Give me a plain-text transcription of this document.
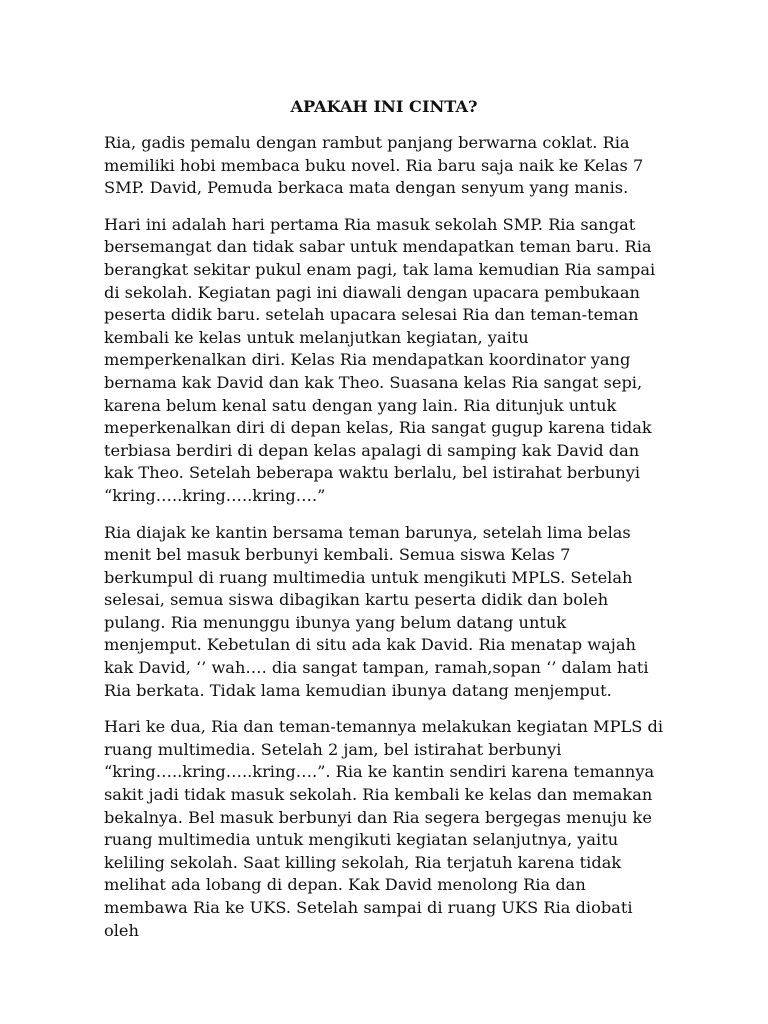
APAKAH INI CINTA?

Ria, gadis pemalu dengan rambut panjang berwarna coklat. Ria memiliki hobi membaca buku novel. Ria baru saja naik ke Kelas 7 SMP. David, Pemuda berkaca mata dengan senyum yang manis.

Hari ini adalah hari pertama Ria masuk sekolah SMP. Ria sangat bersemangat dan tidak sabar untuk mendapatkan teman baru. Ria berangkat sekitar pukul enam pagi, tak lama kemudian Ria sampai di sekolah. Kegiatan pagi ini diawali dengan upacara pembukaan peserta didik baru. setelah upacara selesai Ria dan teman-teman kembali ke kelas untuk melanjutkan kegiatan, yaitu memperkenalkan diri. Kelas Ria mendapatkan koordinator yang bernama kak David dan kak Theo. Suasana kelas Ria sangat sepi, karena belum kenal satu dengan yang lain. Ria ditunjuk untuk meperkenalkan diri di depan kelas, Ria sangat gugup karena tidak terbiasa berdiri di depan kelas apalagi di samping kak David dan kak Theo. Setelah beberapa waktu berlalu, bel istirahat berbunyi “kring…..kring…..kring….”

Ria diajak ke kantin bersama teman barunya, setelah lima belas menit bel masuk berbunyi kembali. Semua siswa Kelas 7 berkumpul di ruang multimedia untuk mengikuti MPLS. Setelah selesai, semua siswa dibagikan kartu peserta didik dan boleh pulang. Ria menunggu ibunya yang belum datang untuk menjemput. Kebetulan di situ ada kak David. Ria menatap wajah kak David, ‘’ wah…. dia sangat tampan, ramah,sopan ‘’ dalam hati Ria berkata. Tidak lama kemudian ibunya datang menjemput.

Hari ke dua, Ria dan teman-temannya melakukan kegiatan MPLS di ruang multimedia. Setelah 2 jam, bel istirahat berbunyi “kring…..kring…..kring….”. Ria ke kantin sendiri karena temannya sakit jadi tidak masuk sekolah. Ria kembali ke kelas dan memakan bekalnya. Bel masuk berbunyi dan Ria segera bergegas menuju ke ruang multimedia untuk mengikuti kegiatan selanjutnya, yaitu keliling sekolah. Saat killing sekolah, Ria terjatuh karena tidak melihat ada lobang di depan. Kak David menolong Ria dan membawa Ria ke UKS. Setelah sampai di ruang UKS Ria diobati oleh
